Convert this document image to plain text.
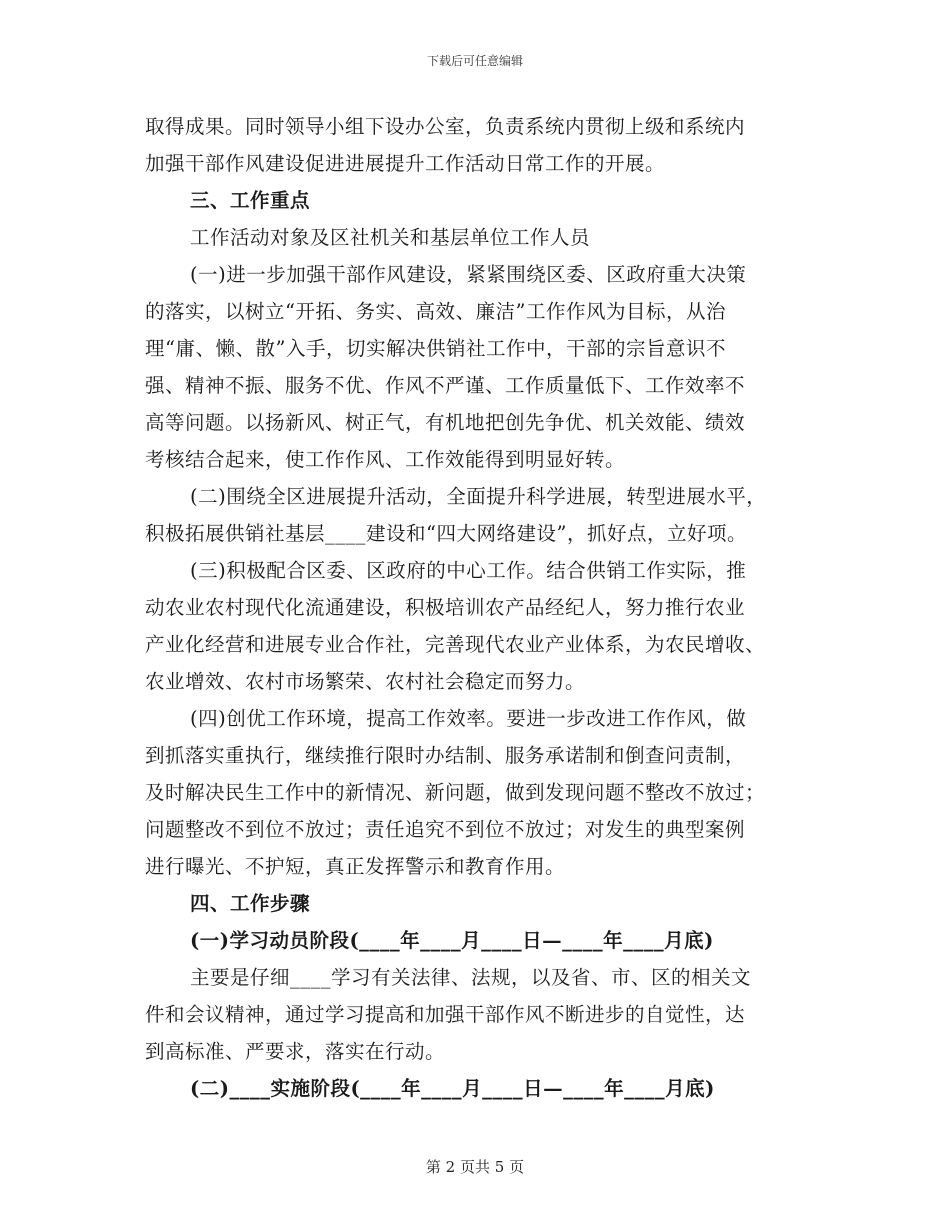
下载后可任意编辑
取得成果。同时领导小组下设办公室，负责系统内贯彻上级和系统内
加强干部作风建设促进进展提升工作活动日常工作的开展。
三、工作重点
工作活动对象及区社机关和基层单位工作人员
(一)进一步加强干部作风建设，紧紧围绕区委、区政府重大决策
的落实，以树立“开拓、务实、高效、廉洁”工作作风为目标，从治
理“庸、懒、散”入手，切实解决供销社工作中，干部的宗旨意识不
强、精神不振、服务不优、作风不严谨、工作质量低下、工作效率不
高等问题。以扬新风、树正气，有机地把创先争优、机关效能、绩效
考核结合起来，使工作作风、工作效能得到明显好转。
(二)围绕全区进展提升活动，全面提升科学进展，转型进展水平，
积极拓展供销社基层____建设和“四大网络建设”，抓好点，立好项。
(三)积极配合区委、区政府的中心工作。结合供销工作实际，推
动农业农村现代化流通建设，积极培训农产品经纪人，努力推行农业
产业化经营和进展专业合作社，完善现代农业产业体系，为农民增收、
农业增效、农村市场繁荣、农村社会稳定而努力。
(四)创优工作环境，提高工作效率。要进一步改进工作作风，做
到抓落实重执行，继续推行限时办结制、服务承诺制和倒查问责制，
及时解决民生工作中的新情况、新问题，做到发现问题不整改不放过；
问题整改不到位不放过；责任追究不到位不放过；对发生的典型案例
进行曝光、不护短，真正发挥警示和教育作用。
四、工作步骤
(一)学习动员阶段(____年____月____日—____年____月底)
主要是仔细____学习有关法律、法规，以及省、市、区的相关文
件和会议精神，通过学习提高和加强干部作风不断进步的自觉性，达
到高标准、严要求，落实在行动。
(二)____实施阶段(____年____月____日—____年____月底)
第 2 页共 5 页
